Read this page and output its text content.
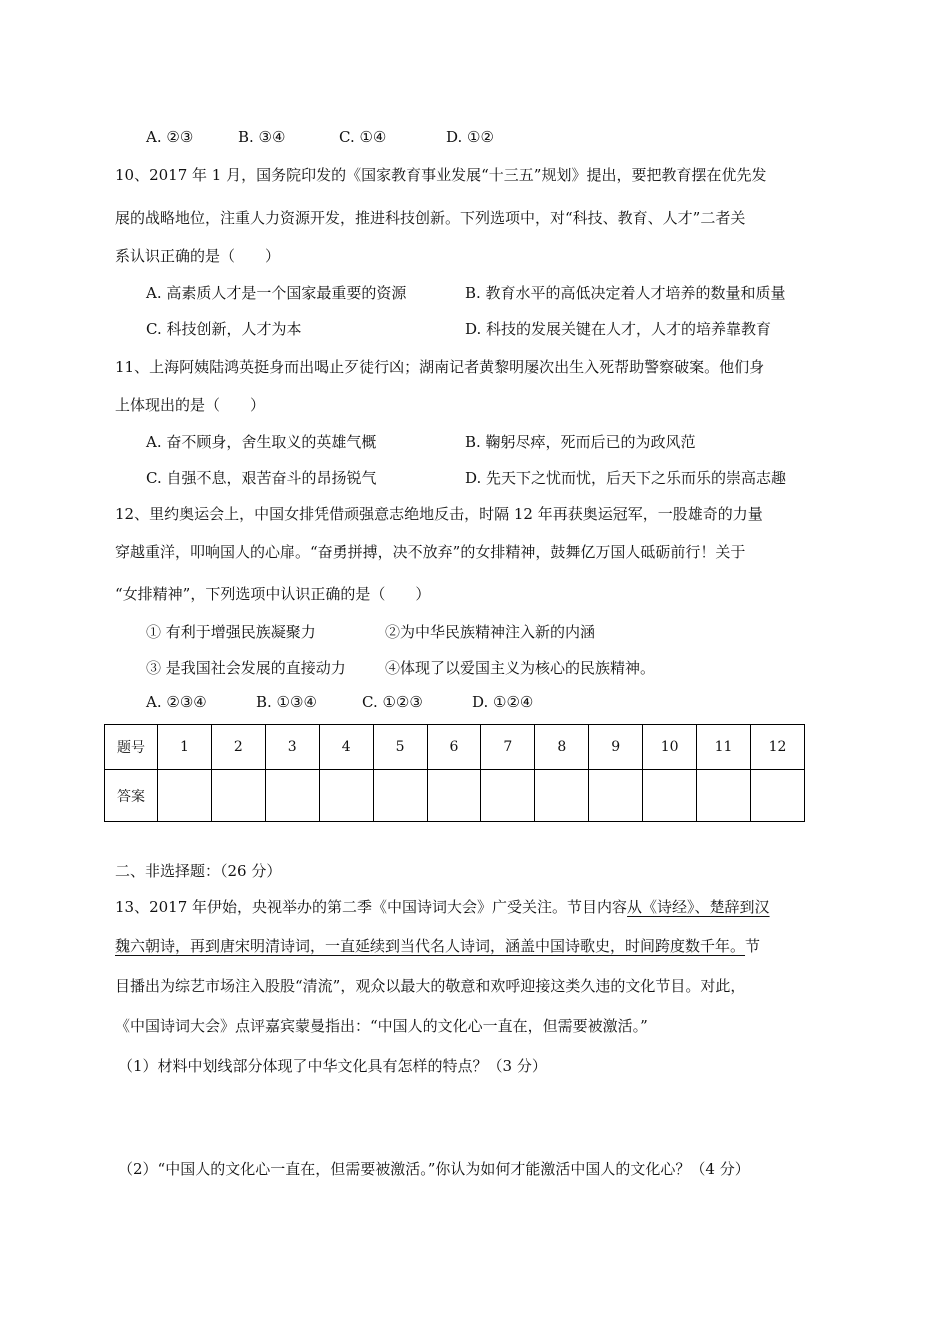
A. ②③	B. ③④	C. ①④	D. ①②
10、2017 年 1 月，国务院印发的《国家教育事业发展“十三五”规划》提出，要把教育摆在优先发
展的战略地位，注重人力资源开发，推进科技创新。下列选项中，对“科技、教育、人才”二者关
系认识正确的是（　　）
A. 高素质人才是一个国家最重要的资源	B. 教育水平的高低决定着人才培养的数量和质量
C. 科技创新，人才为本	D. 科技的发展关键在人才，人才的培养靠教育
11、上海阿姨陆鸿英挺身而出喝止歹徒行凶；湖南记者黄黎明屡次出生入死帮助警察破案。他们身
上体现出的是（　　）
A. 奋不顾身，舍生取义的英雄气概	B. 鞠躬尽瘁，死而后已的为政风范
C. 自强不息，艰苦奋斗的昂扬锐气	D. 先天下之忧而忧，后天下之乐而乐的崇高志趣
12、里约奥运会上，中国女排凭借顽强意志绝地反击，时隔 12 年再获奥运冠军，一股雄奇的力量
穿越重洋，叩响国人的心扉。“奋勇拼搏，决不放弃”的女排精神，鼓舞亿万国人砥砺前行！关于
“女排精神”，下列选项中认识正确的是（　　）
① 有利于增强民族凝聚力	②为中华民族精神注入新的内涵
③ 是我国社会发展的直接动力	④体现了以爱国主义为核心的民族精神。
A. ②③④	B. ①③④	C. ①②③	D. ①②④
题号	1	2	3	4	5	6	7	8	9	10	11	12
答案												
二、非选择题：（26 分）
13、2017 年伊始，央视举办的第二季《中国诗词大会》广受关注。节目内容从《诗经》、楚辞到汉
魏六朝诗，再到唐宋明清诗词，一直延续到当代名人诗词，涵盖中国诗歌史，时间跨度数千年。节
目播出为综艺市场注入股股“清流”，观众以最大的敬意和欢呼迎接这类久违的文化节目。对此，
《中国诗词大会》点评嘉宾蒙曼指出：“中国人的文化心一直在，但需要被激活。”
（1）材料中划线部分体现了中华文化具有怎样的特点？（3 分）
（2）“中国人的文化心一直在，但需要被激活。”你认为如何才能激活中国人的文化心？（4 分）
